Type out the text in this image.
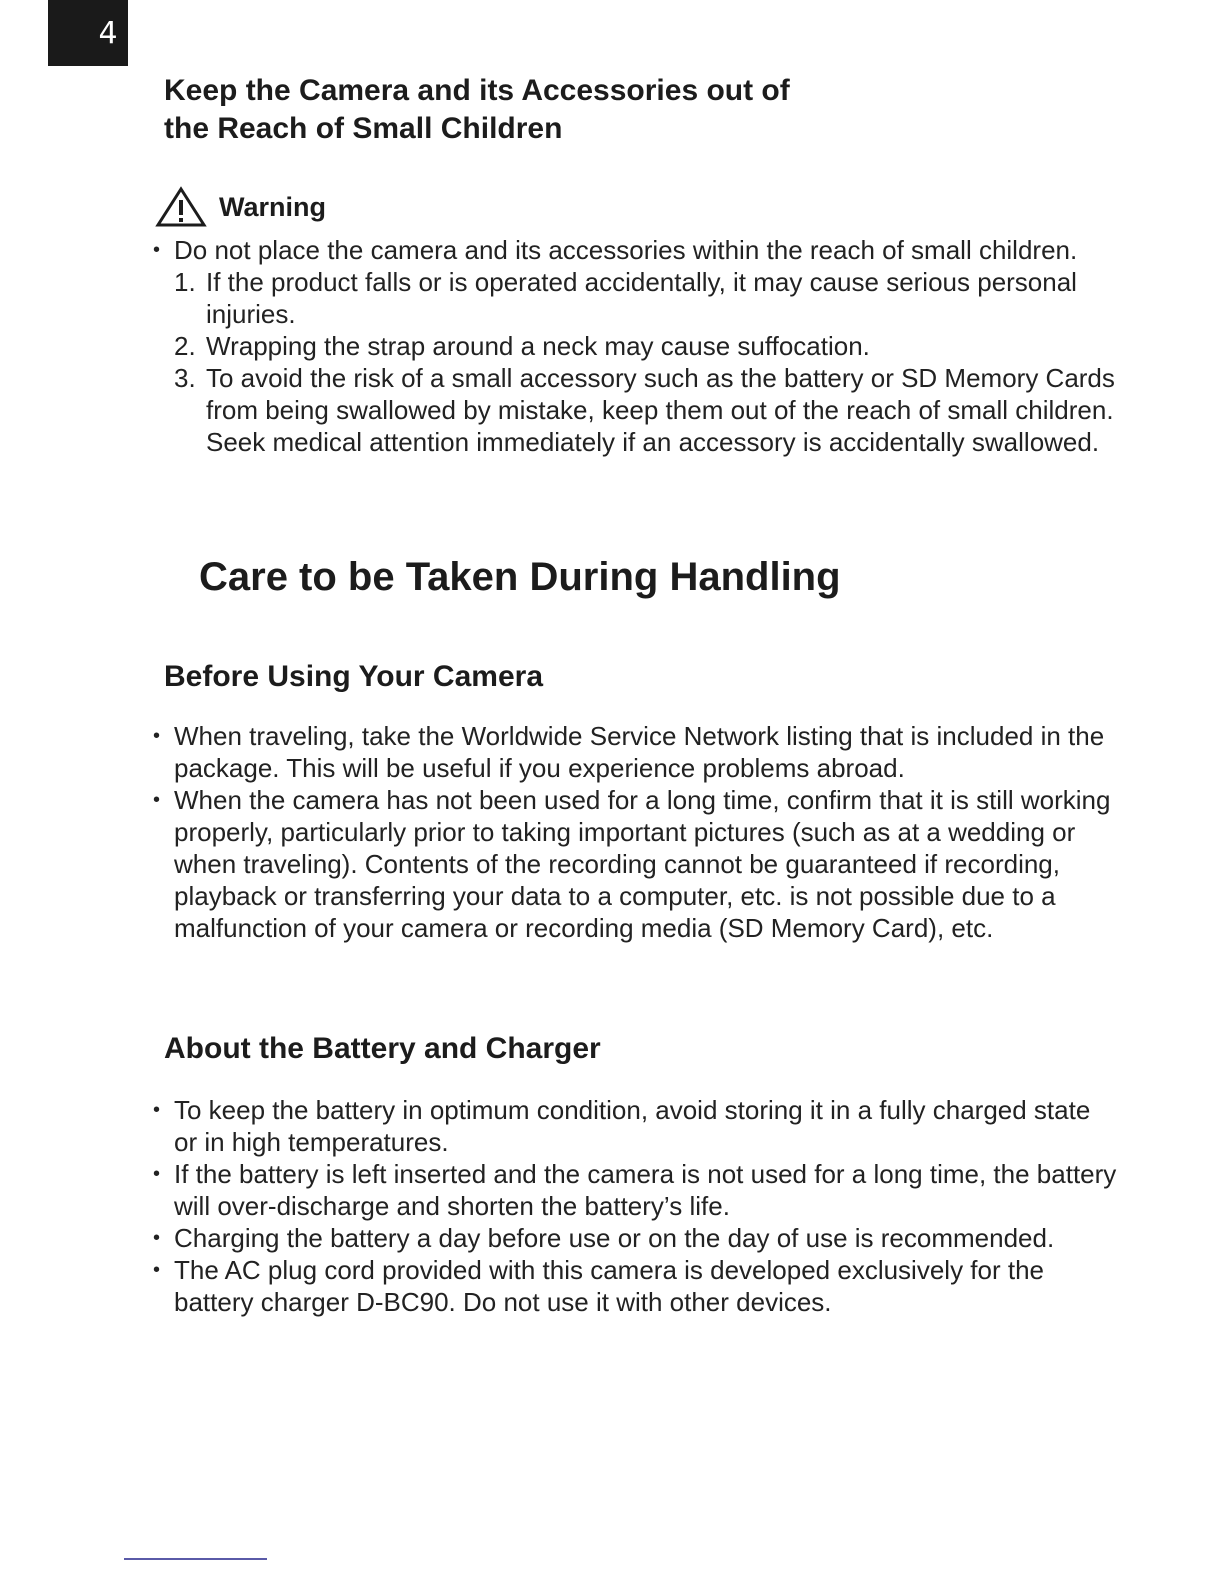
4
Keep the Camera and its Accessories out of
the Reach of Small Children
Warning
• Do not place the camera and its accessories within the reach of small children.
1. If the product falls or is operated accidentally, it may cause serious personal injuries.
2. Wrapping the strap around a neck may cause suffocation.
3. To avoid the risk of a small accessory such as the battery or SD Memory Cards from being swallowed by mistake, keep them out of the reach of small children. Seek medical attention immediately if an accessory is accidentally swallowed.
Care to be Taken During Handling
Before Using Your Camera
• When traveling, take the Worldwide Service Network listing that is included in the package. This will be useful if you experience problems abroad.
• When the camera has not been used for a long time, confirm that it is still working properly, particularly prior to taking important pictures (such as at a wedding or when traveling). Contents of the recording cannot be guaranteed if recording, playback or transferring your data to a computer, etc. is not possible due to a malfunction of your camera or recording media (SD Memory Card), etc.
About the Battery and Charger
• To keep the battery in optimum condition, avoid storing it in a fully charged state or in high temperatures.
• If the battery is left inserted and the camera is not used for a long time, the battery will over-discharge and shorten the battery’s life.
• Charging the battery a day before use or on the day of use is recommended.
• The AC plug cord provided with this camera is developed exclusively for the battery charger D-BC90. Do not use it with other devices.
